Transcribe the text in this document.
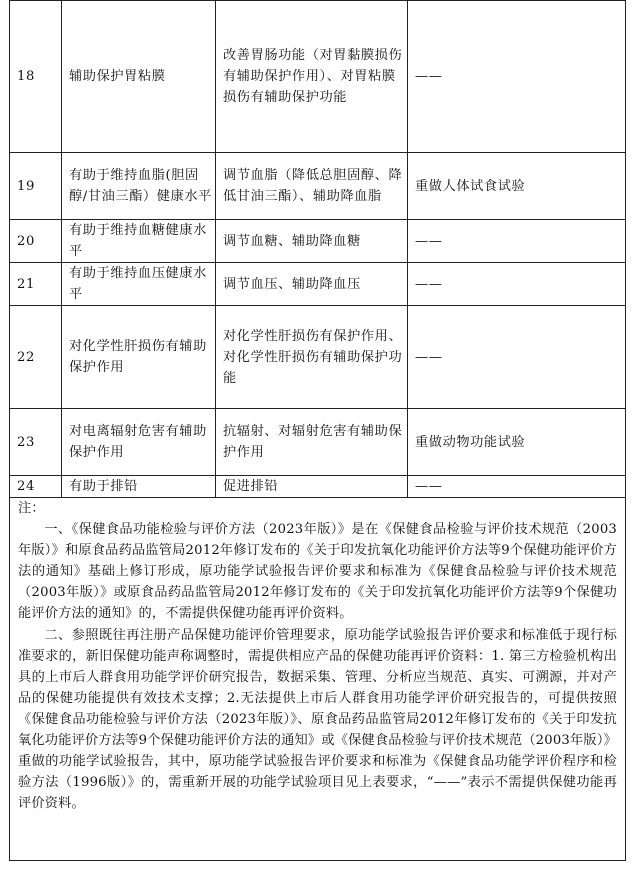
18	辅助保护胃粘膜	改善胃肠功能（对胃黏膜损伤有辅助保护作用）、对胃粘膜损伤有辅助保护功能	——
19	有助于维持血脂(胆固醇/甘油三酯）健康水平	调节血脂（降低总胆固醇、降低甘油三酯）、辅助降血脂	重做人体试食试验
20	有助于维持血糖健康水平	调节血糖、辅助降血糖	——
21	有助于维持血压健康水平	调节血压、辅助降血压	——
22	对化学性肝损伤有辅助保护作用	对化学性肝损伤有保护作用、对化学性肝损伤有辅助保护功能	——
23	对电离辐射危害有辅助保护作用	抗辐射、对辐射危害有辅助保护作用	重做动物功能试验
24	有助于排铅	促进排铅	——

注：

一、《保健食品功能检验与评价方法（2023年版）》是在《保健食品检验与评价技术规范（2003年版）》和原食品药品监管局2012年修订发布的《关于印发抗氧化功能评价方法等9个保健功能评价方法的通知》基础上修订形成，原功能学试验报告评价要求和标准为《保健食品检验与评价技术规范（2003年版）》或原食品药品监管局2012年修订发布的《关于印发抗氧化功能评价方法等9个保健功能评价方法的通知》的，不需提供保健功能再评价资料。

二、参照既往再注册产品保健功能评价管理要求，原功能学试验报告评价要求和标准低于现行标准要求的，新旧保健功能声称调整时，需提供相应产品的保健功能再评价资料：1. 第三方检验机构出具的上市后人群食用功能学评价研究报告，数据采集、管理、分析应当规范、真实、可溯源，并对产品的保健功能提供有效技术支撑；2.无法提供上市后人群食用功能学评价研究报告的，可提供按照《保健食品功能检验与评价方法（2023年版）》、原食品药品监管局2012年修订发布的《关于印发抗氧化功能评价方法等9个保健功能评价方法的通知》或《保健食品检验与评价技术规范（2003年版）》重做的功能学试验报告，其中，原功能学试验报告评价要求和标准为《保健食品功能学评价程序和检验方法（1996版）》的，需重新开展的功能学试验项目见上表要求，“——”表示不需提供保健功能再评价资料。
